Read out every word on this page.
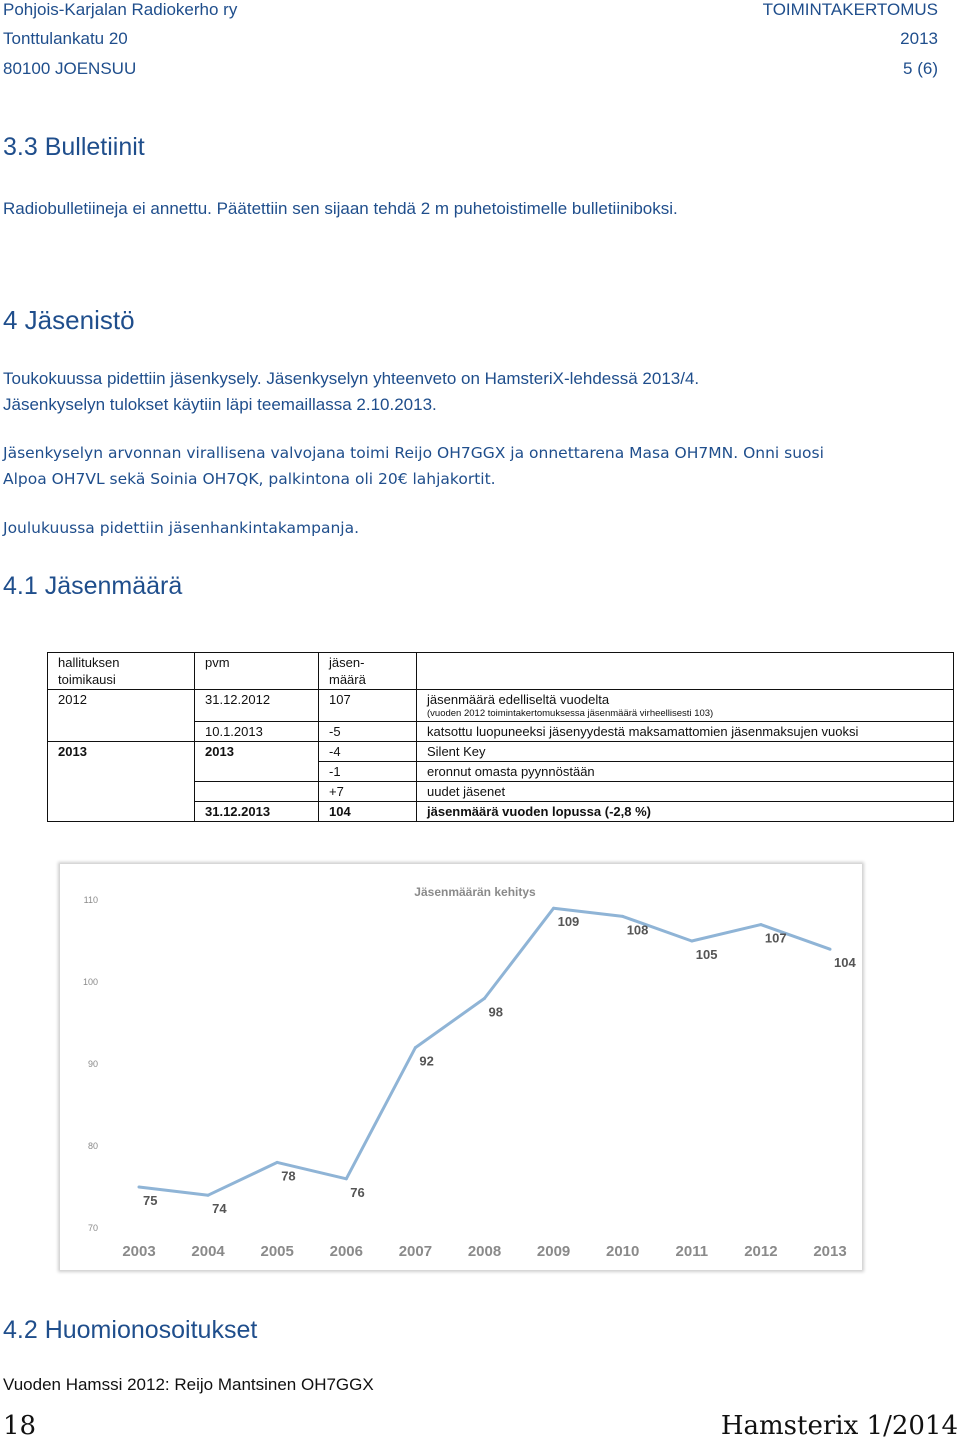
Pohjois-Karjalan Radiokerho ry
Tonttulankatu 20
80100 JOENSUU
TOIMINTAKERTOMUS
2013
5 (6)
3.3 Bulletiinit
Radiobulletiineja ei annettu. Päätettiin sen sijaan tehdä 2 m puhetoistimelle bulletiiniboksi.
4 Jäsenistö
Toukokuussa pidettiin jäsenkysely. Jäsenkyselyn yhteenveto on HamsteriX-lehdessä 2013/4.
Jäsenkyselyn tulokset käytiin läpi teemaillassa 2.10.2013.
Jäsenkyselyn arvonnan virallisena valvojana toimi Reijo OH7GGX ja onnettarena Masa OH7MN. Onni suosi
Alpoa OH7VL sekä Soinia OH7QK, palkintona oli 20€ lahjakortit.
Joulukuussa pidettiin jäsenhankintakampanja.
4.1 Jäsenmäärä
hallituksen
toimikausi	pvm	jäsen-
määrä	
2012	31.12.2012	107	jäsenmäärä edelliseltä vuodelta
(vuoden 2012 toimintakertomuksessa jäsenmäärä virheellisesti 103)

	10.1.2013	-5	katsottu luopuneeksi jäsenyydestä maksamattomien jäsenmaksujen vuoksi
2013	2013	-4	Silent Key
		-1	eronnut omasta pyynnöstään
		+7	uudet jäsenet
	31.12.2013	104	jäsenmäärä vuoden lopussa (-2,8 %)
Jäsenmäärän kehitys
70
80
90
100
110
2003 2004 2005 2006 2007 2008 2009 2010 2011 2012 2013
75
74
78
76
92
98
109
108
105
107
104
4.2 Huomionosoitukset
Vuoden Hamssi 2012: Reijo Mantsinen OH7GGX
18	Hamsterix 1/2014
